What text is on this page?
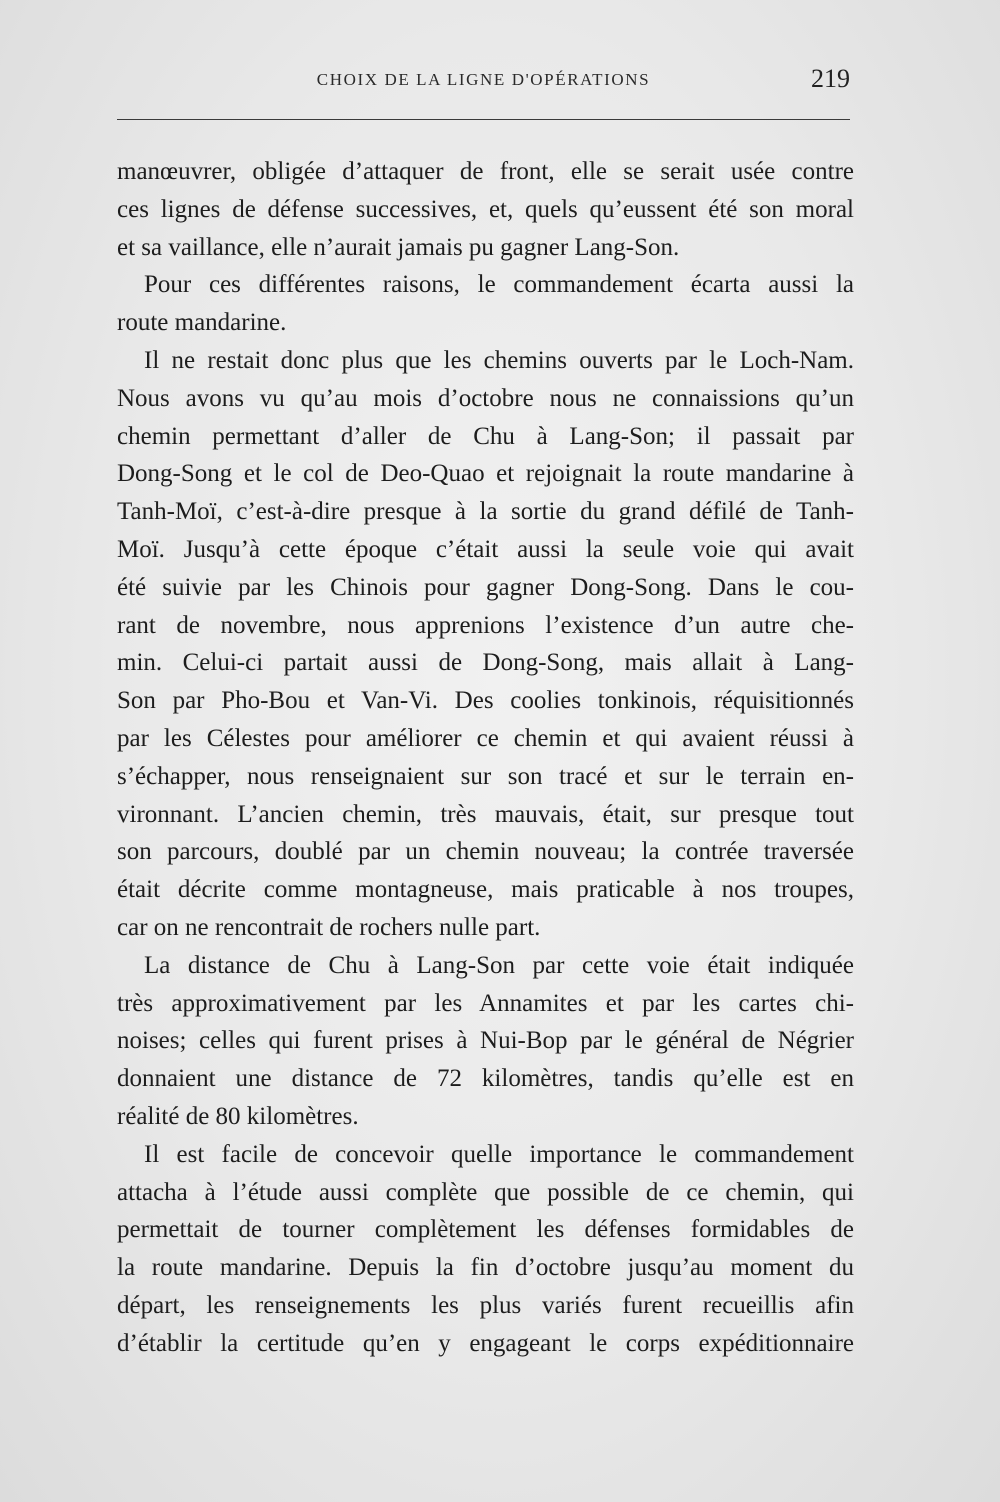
CHOIX DE LA LIGNE D'OPÉRATIONS	219
manœuvrer, obligée d’attaquer de front, elle se serait usée contre
ces lignes de défense successives, et, quels qu’eussent été son moral
et sa vaillance, elle n’aurait jamais pu gagner Lang-Son.
Pour ces différentes raisons, le commandement écarta aussi la
route mandarine.
Il ne restait donc plus que les chemins ouverts par le Loch-Nam.
Nous avons vu qu’au mois d’octobre nous ne connaissions qu’un
chemin permettant d’aller de Chu à Lang-Son; il passait par
Dong-Song et le col de Deo-Quao et rejoignait la route mandarine à
Tanh-Moï, c’est-à-dire presque à la sortie du grand défilé de Tanh-
Moï. Jusqu’à cette époque c’était aussi la seule voie qui avait
été suivie par les Chinois pour gagner Dong-Song. Dans le cou-
rant de novembre, nous apprenions l’existence d’un autre che-
min. Celui-ci partait aussi de Dong-Song, mais allait à Lang-
Son par Pho-Bou et Van-Vi. Des coolies tonkinois, réquisitionnés
par les Célestes pour améliorer ce chemin et qui avaient réussi à
s’échapper, nous renseignaient sur son tracé et sur le terrain en-
vironnant. L’ancien chemin, très mauvais, était, sur presque tout
son parcours, doublé par un chemin nouveau; la contrée traversée
était décrite comme montagneuse, mais praticable à nos troupes,
car on ne rencontrait de rochers nulle part.
La distance de Chu à Lang-Son par cette voie était indiquée
très approximativement par les Annamites et par les cartes chi-
noises; celles qui furent prises à Nui-Bop par le général de Négrier
donnaient une distance de 72 kilomètres, tandis qu’elle est en
réalité de 80 kilomètres.
Il est facile de concevoir quelle importance le commandement
attacha à l’étude aussi complète que possible de ce chemin, qui
permettait de tourner complètement les défenses formidables de
la route mandarine. Depuis la fin d’octobre jusqu’au moment du
départ, les renseignements les plus variés furent recueillis afin
d’établir la certitude qu’en y engageant le corps expéditionnaire
